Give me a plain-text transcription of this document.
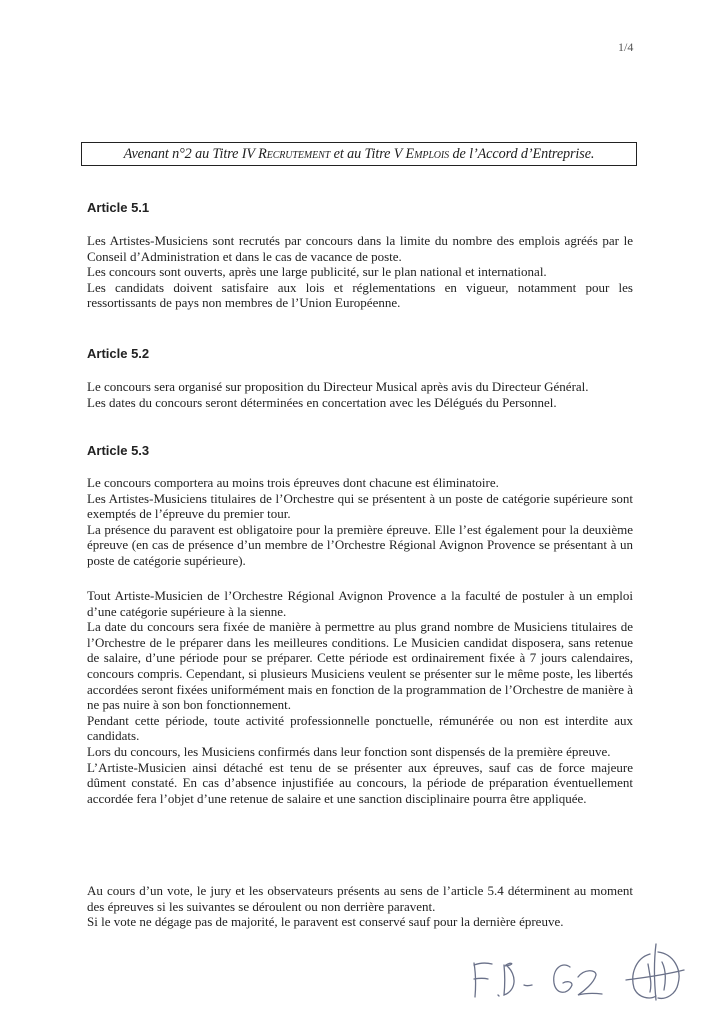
1/4
Avenant n°2 au Titre IV Recrutement et au Titre V Emplois de l’Accord d’Entreprise.
Article 5.1
Les Artistes-Musiciens sont recrutés par concours dans la limite du nombre des emplois agréés par le Conseil d’Administration et dans le cas de vacance de poste.
Les concours sont ouverts, après une large publicité, sur le plan national et international.
Les candidats doivent satisfaire aux lois et réglementations en vigueur, notamment pour les ressortissants de pays non membres de l’Union Européenne.
Article 5.2
Le concours sera organisé sur proposition du Directeur Musical après avis du Directeur Général.
Les dates du concours seront déterminées en concertation avec les Délégués du Personnel.
Article 5.3
Le concours comportera au moins trois épreuves dont chacune est éliminatoire.
Les Artistes-Musiciens titulaires de l’Orchestre qui se présentent à un poste de catégorie supérieure sont exemptés de l’épreuve du premier tour.
La présence du paravent est obligatoire pour la première épreuve. Elle l’est également pour la deuxième épreuve (en cas de présence d’un membre de l’Orchestre Régional Avignon Provence se présentant à un poste de catégorie supérieure).
Tout Artiste-Musicien de l’Orchestre Régional Avignon Provence a la faculté de postuler à un emploi d’une catégorie supérieure à la sienne.
La date du concours sera fixée de manière à permettre au plus grand nombre de Musiciens titulaires de l’Orchestre de le préparer dans les meilleures conditions. Le Musicien candidat disposera, sans retenue de salaire, d’une période pour se préparer. Cette période est ordinairement fixée à 7 jours calendaires, concours compris. Cependant, si plusieurs Musiciens veulent se présenter sur le même poste, les libertés accordées seront fixées uniformément mais en fonction de la programmation de l’Orchestre de manière à ne pas nuire à son bon fonctionnement.
Pendant cette période, toute activité professionnelle ponctuelle, rémunérée ou non est interdite aux candidats.
Lors du concours, les Musiciens confirmés dans leur fonction sont dispensés de la première épreuve.
L’Artiste-Musicien ainsi détaché est tenu de se présenter aux épreuves, sauf cas de force majeure dûment constaté. En cas d’absence injustifiée au concours, la période de préparation éventuellement accordée fera l’objet d’une retenue de salaire et une sanction disciplinaire pourra être appliquée.
Au cours d’un vote, le jury et les observateurs présents au sens de l’article 5.4 déterminent au moment des épreuves si les suivantes se déroulent ou non derrière paravent.
Si le vote ne dégage pas de majorité, le paravent est conservé sauf pour la dernière épreuve.
